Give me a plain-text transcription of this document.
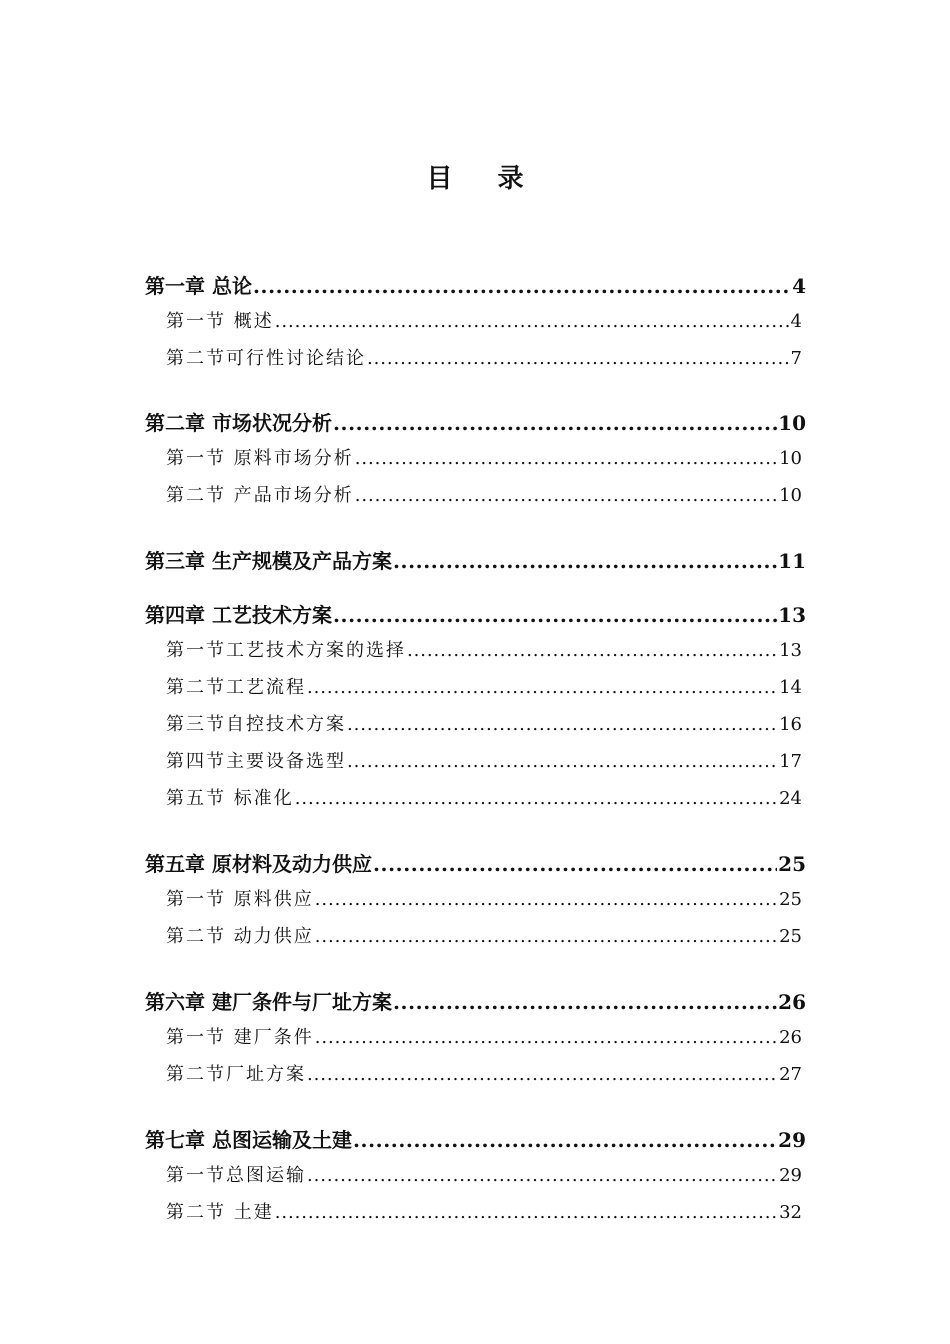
目 录
第一章 总论 .....	4
第一节 概述 .....	4
第二节可行性讨论结论 .....	7
第二章 市场状况分析 .....	10
第一节 原料市场分析 .....	10
第二节 产品市场分析 .....	10
第三章 生产规模及产品方案 .....	11
第四章 工艺技术方案 .....	13
第一节工艺技术方案的选择 .....	13
第二节工艺流程 .....	14
第三节自控技术方案 .....	16
第四节主要设备选型 .....	17
第五节 标准化 .....	24
第五章 原材料及动力供应 .....	25
第一节 原料供应 .....	25
第二节 动力供应 .....	25
第六章 建厂条件与厂址方案 .....	26
第一节 建厂条件 .....	26
第二节厂址方案 .....	27
第七章 总图运输及土建 .....	29
第一节总图运输 .....	29
第二节 土建 .....	32
